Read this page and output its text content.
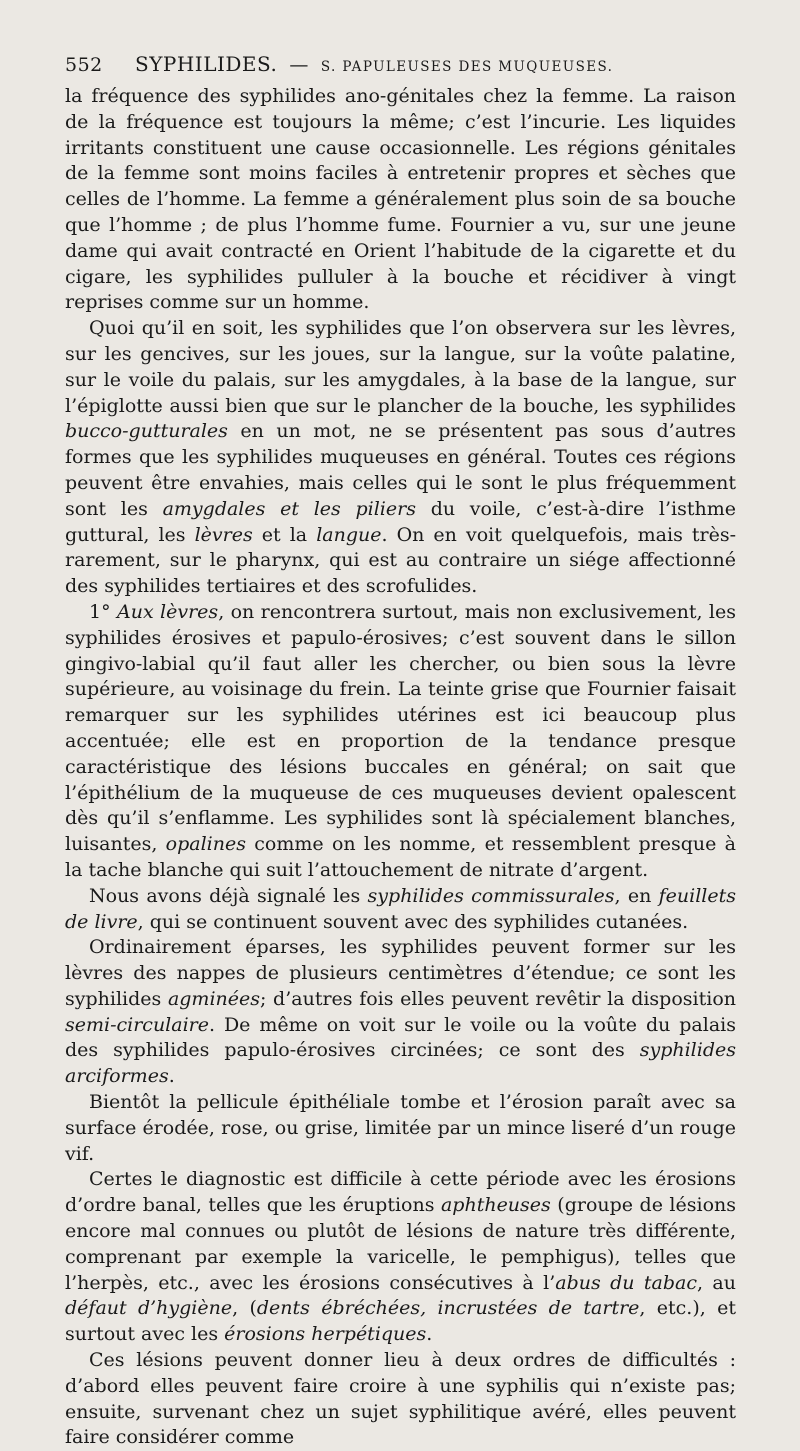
552	SYPHILIDES. — S. PAPULEUSES DES MUQUEUSES.

la fréquence des syphilides ano-génitales chez la femme. La raison de la fréquence est toujours la même; c’est l’incurie. Les liquides irritants constituent une cause occasionnelle. Les régions génitales de la femme sont moins faciles à entretenir propres et sèches que celles de l’homme. La femme a généralement plus soin de sa bouche que l’homme ; de plus l’homme fume. Fournier a vu, sur une jeune dame qui avait contracté en Orient l’habitude de la cigarette et du cigare, les syphilides pulluler à la bouche et récidiver à vingt reprises comme sur un homme.

Quoi qu’il en soit, les syphilides que l’on observera sur les lèvres, sur les gencives, sur les joues, sur la langue, sur la voûte palatine, sur le voile du palais, sur les amygdales, à la base de la langue, sur l’épiglotte aussi bien que sur le plancher de la bouche, les syphilides bucco-gutturales en un mot, ne se présentent pas sous d’autres formes que les syphilides muqueuses en général. Toutes ces régions peuvent être envahies, mais celles qui le sont le plus fréquemment sont les amygdales et les piliers du voile, c’est-à-dire l’isthme guttural, les lèvres et la langue. On en voit quelquefois, mais très-rarement, sur le pharynx, qui est au contraire un siége affectionné des syphilides tertiaires et des scrofulides.

1° Aux lèvres, on rencontrera surtout, mais non exclusivement, les syphilides érosives et papulo-érosives; c’est souvent dans le sillon gingivo-labial qu’il faut aller les chercher, ou bien sous la lèvre supérieure, au voisinage du frein. La teinte grise que Fournier faisait remarquer sur les syphilides utérines est ici beaucoup plus accentuée; elle est en proportion de la tendance presque caractéristique des lésions buccales en général; on sait que l’épithélium de la muqueuse de ces muqueuses devient opalescent dès qu’il s’enflamme. Les syphilides sont là spécialement blanches, luisantes, opalines comme on les nomme, et ressemblent presque à la tache blanche qui suit l’attouchement de nitrate d’argent.

Nous avons déjà signalé les syphilides commissurales, en feuillets de livre, qui se continuent souvent avec des syphilides cutanées.

Ordinairement éparses, les syphilides peuvent former sur les lèvres des nappes de plusieurs centimètres d’étendue; ce sont les syphilides agminées; d’autres fois elles peuvent revêtir la disposition semi-circulaire. De même on voit sur le voile ou la voûte du palais des syphilides papulo-érosives circinées; ce sont des syphilides arciformes.

Bientôt la pellicule épithéliale tombe et l’érosion paraît avec sa surface érodée, rose, ou grise, limitée par un mince liseré d’un rouge vif.

Certes le diagnostic est difficile à cette période avec les érosions d’ordre banal, telles que les éruptions aphtheuses (groupe de lésions encore mal connues ou plutôt de lésions de nature très différente, comprenant par exemple la varicelle, le pemphigus), telles que l’herpès, etc., avec les érosions consécutives à l’abus du tabac, au défaut d’hygiène, (dents ébréchées, incrustées de tartre, etc.), et surtout avec les érosions herpétiques.

Ces lésions peuvent donner lieu à deux ordres de difficultés : d’abord elles peuvent faire croire à une syphilis qui n’existe pas; ensuite, survenant chez un sujet syphilitique avéré, elles peuvent faire considérer comme
